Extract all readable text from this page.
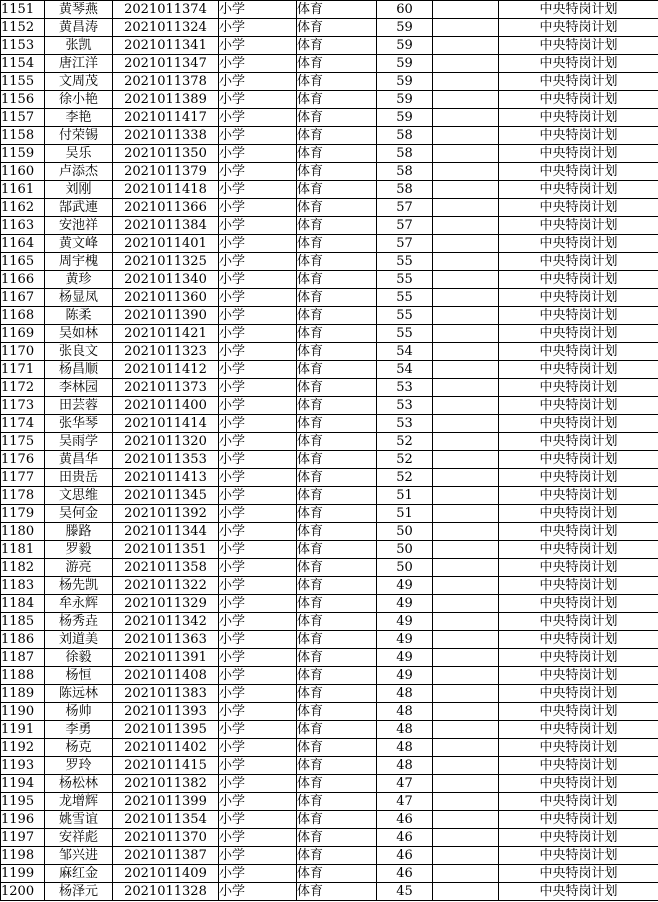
1151	黄琴燕	2021011374	小学	体育	60		中央特岗计划
1152	黄昌涛	2021011324	小学	体育	59		中央特岗计划
1153	张凯	2021011341	小学	体育	59		中央特岗计划
1154	唐江洋	2021011347	小学	体育	59		中央特岗计划
1155	文周茂	2021011378	小学	体育	59		中央特岗计划
1156	徐小艳	2021011389	小学	体育	59		中央特岗计划
1157	李艳	2021011417	小学	体育	59		中央特岗计划
1158	付荣锡	2021011338	小学	体育	58		中央特岗计划
1159	吴乐	2021011350	小学	体育	58		中央特岗计划
1160	卢添杰	2021011379	小学	体育	58		中央特岗计划
1161	刘刚	2021011418	小学	体育	58		中央特岗计划
1162	郜武連	2021011366	小学	体育	57		中央特岗计划
1163	安池祥	2021011384	小学	体育	57		中央特岗计划
1164	黄文峰	2021011401	小学	体育	57		中央特岗计划
1165	周宇槐	2021011325	小学	体育	55		中央特岗计划
1166	黄珍	2021011340	小学	体育	55		中央特岗计划
1167	杨显凤	2021011360	小学	体育	55		中央特岗计划
1168	陈柔	2021011390	小学	体育	55		中央特岗计划
1169	吴如林	2021011421	小学	体育	55		中央特岗计划
1170	张良文	2021011323	小学	体育	54		中央特岗计划
1171	杨昌顺	2021011412	小学	体育	54		中央特岗计划
1172	李林园	2021011373	小学	体育	53		中央特岗计划
1173	田芸蓉	2021011400	小学	体育	53		中央特岗计划
1174	张华琴	2021011414	小学	体育	53		中央特岗计划
1175	吴雨学	2021011320	小学	体育	52		中央特岗计划
1176	黄昌华	2021011353	小学	体育	52		中央特岗计划
1177	田贵岳	2021011413	小学	体育	52		中央特岗计划
1178	文思维	2021011345	小学	体育	51		中央特岗计划
1179	吴何金	2021011392	小学	体育	51		中央特岗计划
1180	滕路	2021011344	小学	体育	50		中央特岗计划
1181	罗毅	2021011351	小学	体育	50		中央特岗计划
1182	游亮	2021011358	小学	体育	50		中央特岗计划
1183	杨先凯	2021011322	小学	体育	49		中央特岗计划
1184	牟永辉	2021011329	小学	体育	49		中央特岗计划
1185	杨秀垚	2021011342	小学	体育	49		中央特岗计划
1186	刘道美	2021011363	小学	体育	49		中央特岗计划
1187	徐毅	2021011391	小学	体育	49		中央特岗计划
1188	杨恒	2021011408	小学	体育	49		中央特岗计划
1189	陈远林	2021011383	小学	体育	48		中央特岗计划
1190	杨帅	2021011393	小学	体育	48		中央特岗计划
1191	李勇	2021011395	小学	体育	48		中央特岗计划
1192	杨克	2021011402	小学	体育	48		中央特岗计划
1193	罗玲	2021011415	小学	体育	48		中央特岗计划
1194	杨松林	2021011382	小学	体育	47		中央特岗计划
1195	龙增辉	2021011399	小学	体育	47		中央特岗计划
1196	姚雪谊	2021011354	小学	体育	46		中央特岗计划
1197	安祥彪	2021011370	小学	体育	46		中央特岗计划
1198	邹兴进	2021011387	小学	体育	46		中央特岗计划
1199	麻红金	2021011409	小学	体育	46		中央特岗计划
1200	杨泽元	2021011328	小学	体育	45		中央特岗计划
